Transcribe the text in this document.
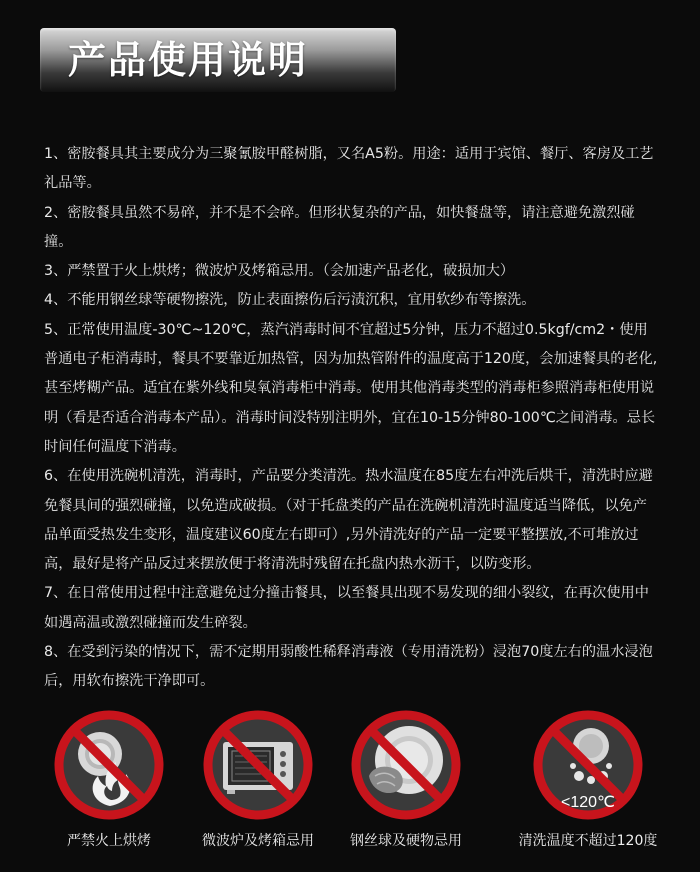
产品使用说明

1、密胺餐具其主要成分为三聚氰胺甲醛树脂，又名A5粉。用途：适用于宾馆、餐厅、客房及工艺礼品等。

2、密胺餐具虽然不易碎，并不是不会碎。但形状复杂的产品，如快餐盘等，请注意避免激烈碰撞。

3、严禁置于火上烘烤；微波炉及烤箱忌用。（会加速产品老化，破损加大）

4、不能用钢丝球等硬物擦洗，防止表面擦伤后污渍沉积，宜用软纱布等擦洗。

5、正常使用温度-30℃~120℃，蒸汽消毒时间不宜超过5分钟，压力不超过0.5kgf/cm2・使用普通电子柜消毒时，餐具不要靠近加热管，因为加热管附件的温度高于120度，会加速餐具的老化,甚至烤糊产品。适宜在紫外线和臭氧消毒柜中消毒。使用其他消毒类型的消毒柜参照消毒柜使用说明（看是否适合消毒本产品）。消毒时间没特别注明外，宜在10-15分钟80-100℃之间消毒。忌长时间任何温度下消毒。

6、在使用洗碗机清洗，消毒时，产品要分类清洗。热水温度在85度左右冲洗后烘干，清洗时应避免餐具间的强烈碰撞，以免造成破损。（对于托盘类的产品在洗碗机清洗时温度适当降低，以免产品单面受热发生变形，温度建议60度左右即可）,另外清洗好的产品一定要平整摆放,不可堆放过高，最好是将产品反过来摆放便于将清洗时残留在托盘内热水沥干，以防变形。

7、在日常使用过程中注意避免过分撞击餐具，以至餐具出现不易发现的细小裂纹，在再次使用中如遇高温或激烈碰撞而发生碎裂。

8、在受到污染的情况下，需不定期用弱酸性稀释消毒液（专用清洗粉）浸泡70度左右的温水浸泡后，用软布擦洗干净即可。

严禁火上烘烤	微波炉及烤箱忌用	钢丝球及硬物忌用
<120℃
清洗温度不超过120度
